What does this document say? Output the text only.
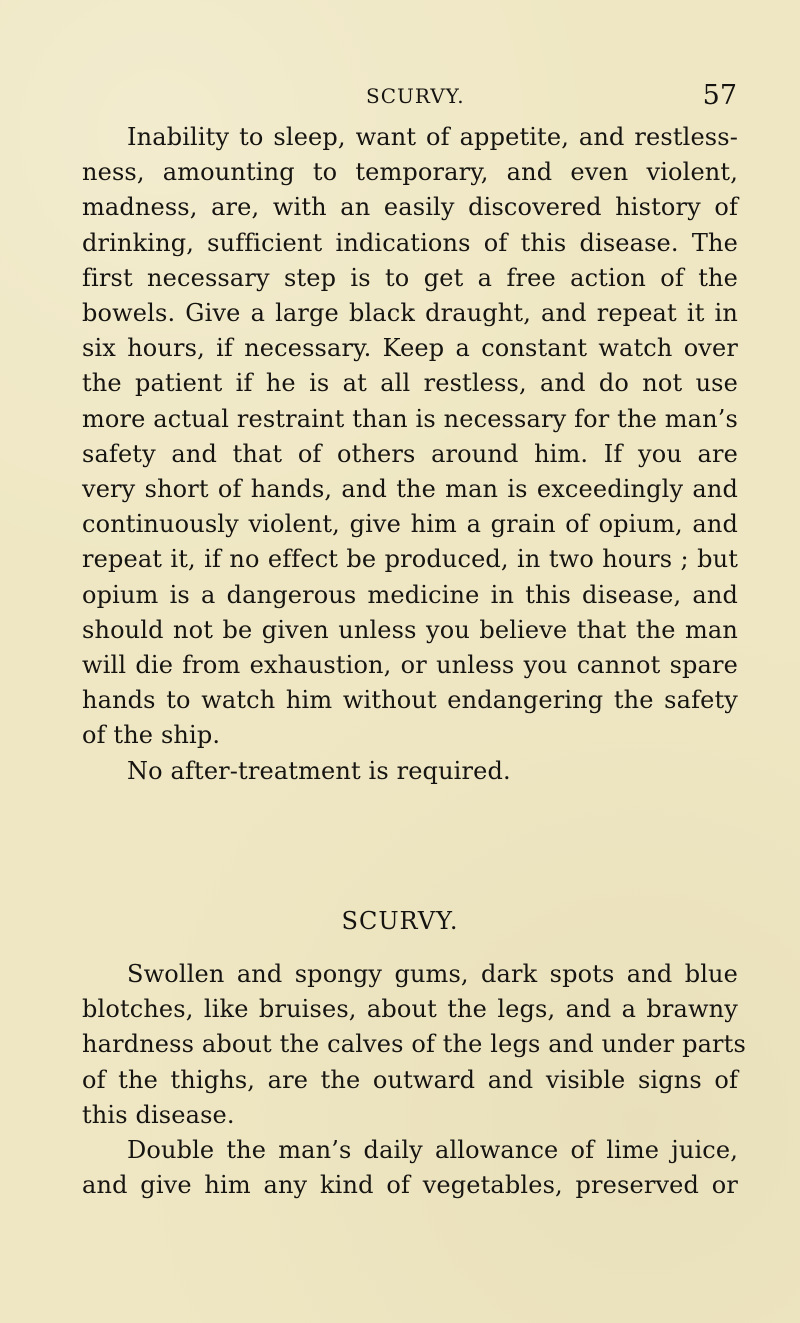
SCURVY.	57
Inability to sleep, want of appetite, and restless-
ness, amounting to temporary, and even violent,
madness, are, with an easily discovered history of
drinking, sufficient indications of this disease. The
first necessary step is to get a free action of the
bowels. Give a large black draught, and repeat it in
six hours, if necessary. Keep a constant watch over
the patient if he is at all restless, and do not use
more actual restraint than is necessary for the man’s
safety and that of others around him. If you are
very short of hands, and the man is exceedingly and
continuously violent, give him a grain of opium, and
repeat it, if no effect be produced, in two hours ; but
opium is a dangerous medicine in this disease, and
should not be given unless you believe that the man
will die from exhaustion, or unless you cannot spare
hands to watch him without endangering the safety
of the ship.
No after-treatment is required.
SCURVY.
Swollen and spongy gums, dark spots and blue
blotches, like bruises, about the legs, and a brawny
hardness about the calves of the legs and under parts
of the thighs, are the outward and visible signs of
this disease.
Double the man’s daily allowance of lime juice,
and give him any kind of vegetables, preserved or
